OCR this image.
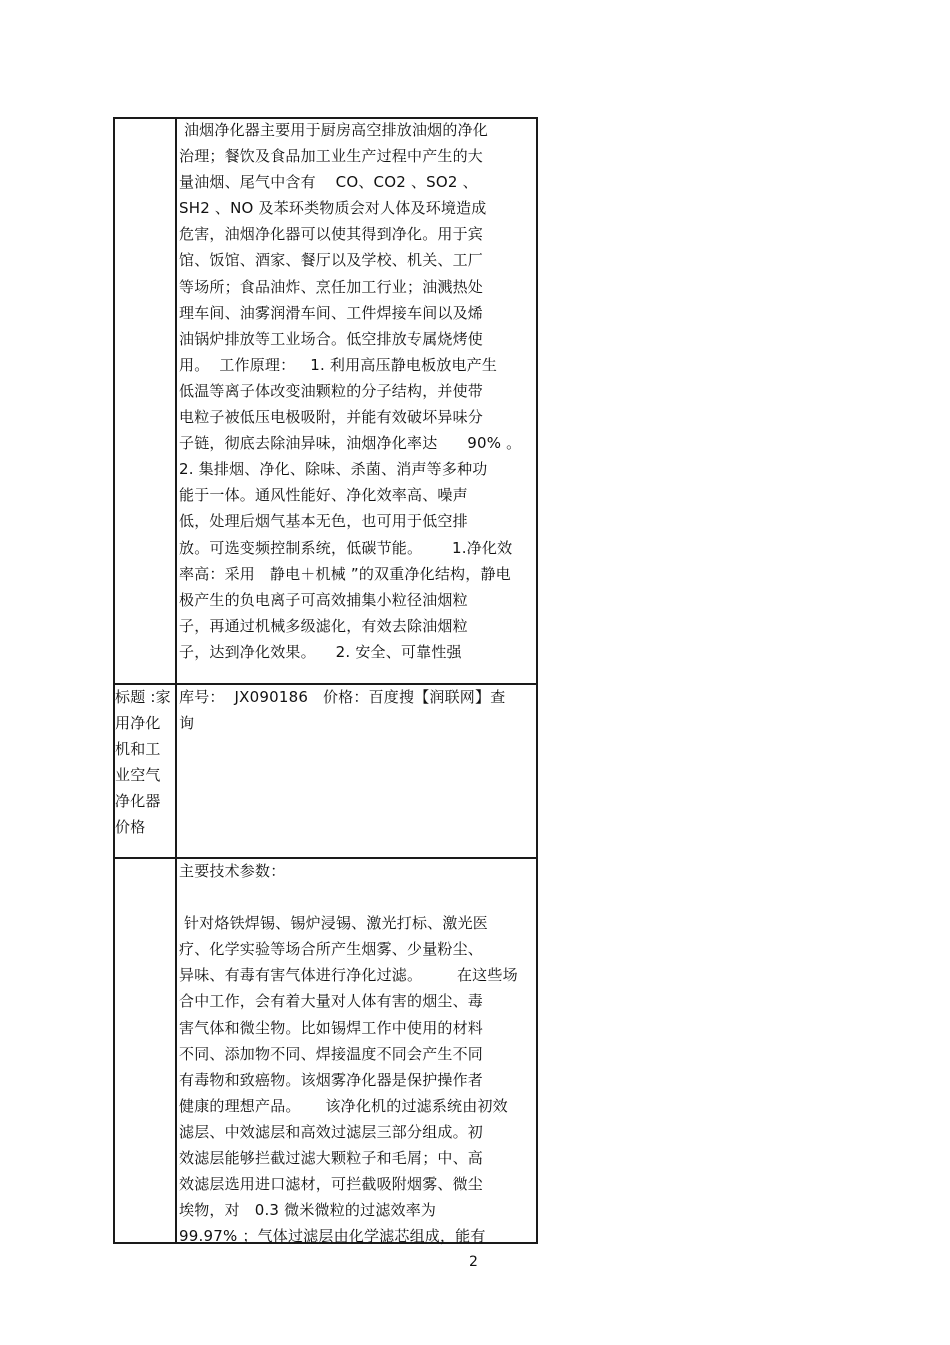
油烟净化器主要用于厨房高空排放油烟的净化
治理；餐饮及食品加工业生产过程中产生的大
量油烟、尾气中含有    CO、CO2 、SO2 、
SH2 、NO 及苯环类物质会对人体及环境造成
危害，油烟净化器可以使其得到净化。用于宾
馆、饭馆、酒家、餐厅以及学校、机关、工厂
等场所；食品油炸、烹任加工行业；油溅热处
理车间、油雾润滑车间、工件焊接车间以及烯
油锅炉排放等工业场合。低空排放专属烧烤使
用。  工作原理：   1. 利用高压静电板放电产生
低温等离子体改变油颗粒的分子结构，并使带
电粒子被低压电极吸附，并能有效破坏异味分
子链，彻底去除油异味，油烟净化率达      90% 。
2. 集排烟、净化、除味、杀菌、消声等多种功
能于一体。通风性能好、净化效率高、噪声
低，处理后烟气基本无色，也可用于低空排
放。可选变频控制系统，低碳节能。      1.净化效
率高：采用   静电＋机械 ”的双重净化结构，静电
极产生的负电离子可高效捕集小粒径油烟粒
子，再通过机械多级滤化，有效去除油烟粒
子，达到净化效果。    2. 安全、可靠性强
标题 :家
用净化
机和工
业空气
净化器
价格
库号：  JX090186   价格：百度搜【润联网】查
询
主要技术参数：

针对烙铁焊锡、锡炉浸锡、激光打标、激光医
疗、化学实验等场合所产生烟雾、少量粉尘、
异味、有毒有害气体进行净化过滤。       在这些场
合中工作，会有着大量对人体有害的烟尘、毒
害气体和微尘物。比如锡焊工作中使用的材料
不同、添加物不同、焊接温度不同会产生不同
有毒物和致癌物。该烟雾净化器是保护操作者
健康的理想产品。     该净化机的过滤系统由初效
滤层、中效滤层和高效过滤层三部分组成。初
效滤层能够拦截过滤大颗粒子和毛屑；中、高
效滤层选用进口滤材，可拦截吸附烟雾、微尘
埃物，对   0.3 微米微粒的过滤效率为
99.97% ；气体过滤层由化学滤芯组成，能有
2
